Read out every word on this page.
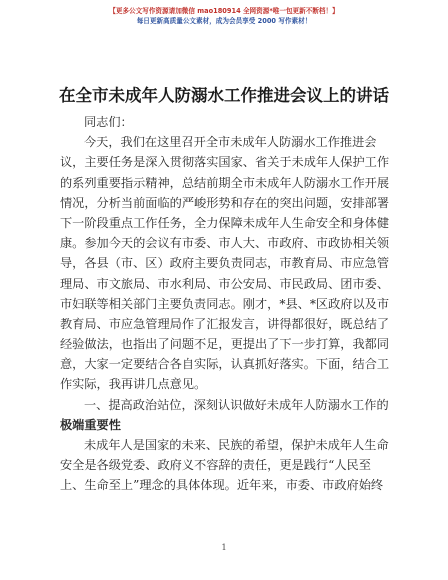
【更多公文写作资源请加微信 mao180914 全网资源*唯一包更新不断档！】
每日更新高质量公文素材，成为会员享受 2000 写作素材！
在全市未成年人防溺水工作推进会议上的讲话
同志们：
今天，我们在这里召开全市未成年人防溺水工作推进会
议，主要任务是深入贯彻落实国家、省关于未成年人保护工作
的系列重要指示精神，总结前期全市未成年人防溺水工作开展
情况，分析当前面临的严峻形势和存在的突出问题，安排部署
下一阶段重点工作任务，全力保障未成年人生命安全和身体健
康。参加今天的会议有市委、市人大、市政府、市政协相关领
导，各县（市、区）政府主要负责同志，市教育局、市应急管
理局、市文旅局、市水利局、市公安局、市民政局、团市委、
市妇联等相关部门主要负责同志。刚才，*县、*区政府以及市
教育局、市应急管理局作了汇报发言，讲得都很好，既总结了
经验做法，也指出了问题不足，更提出了下一步打算，我都同
意，大家一定要结合各自实际，认真抓好落实。下面，结合工
作实际，我再讲几点意见。
一、提高政治站位，深刻认识做好未成年人防溺水工作的
极端重要性
未成年人是国家的未来、民族的希望，保护未成年人生命
安全是各级党委、政府义不容辞的责任，更是践行“人民至
上、生命至上”理念的具体体现。近年来，市委、市政府始终
1
